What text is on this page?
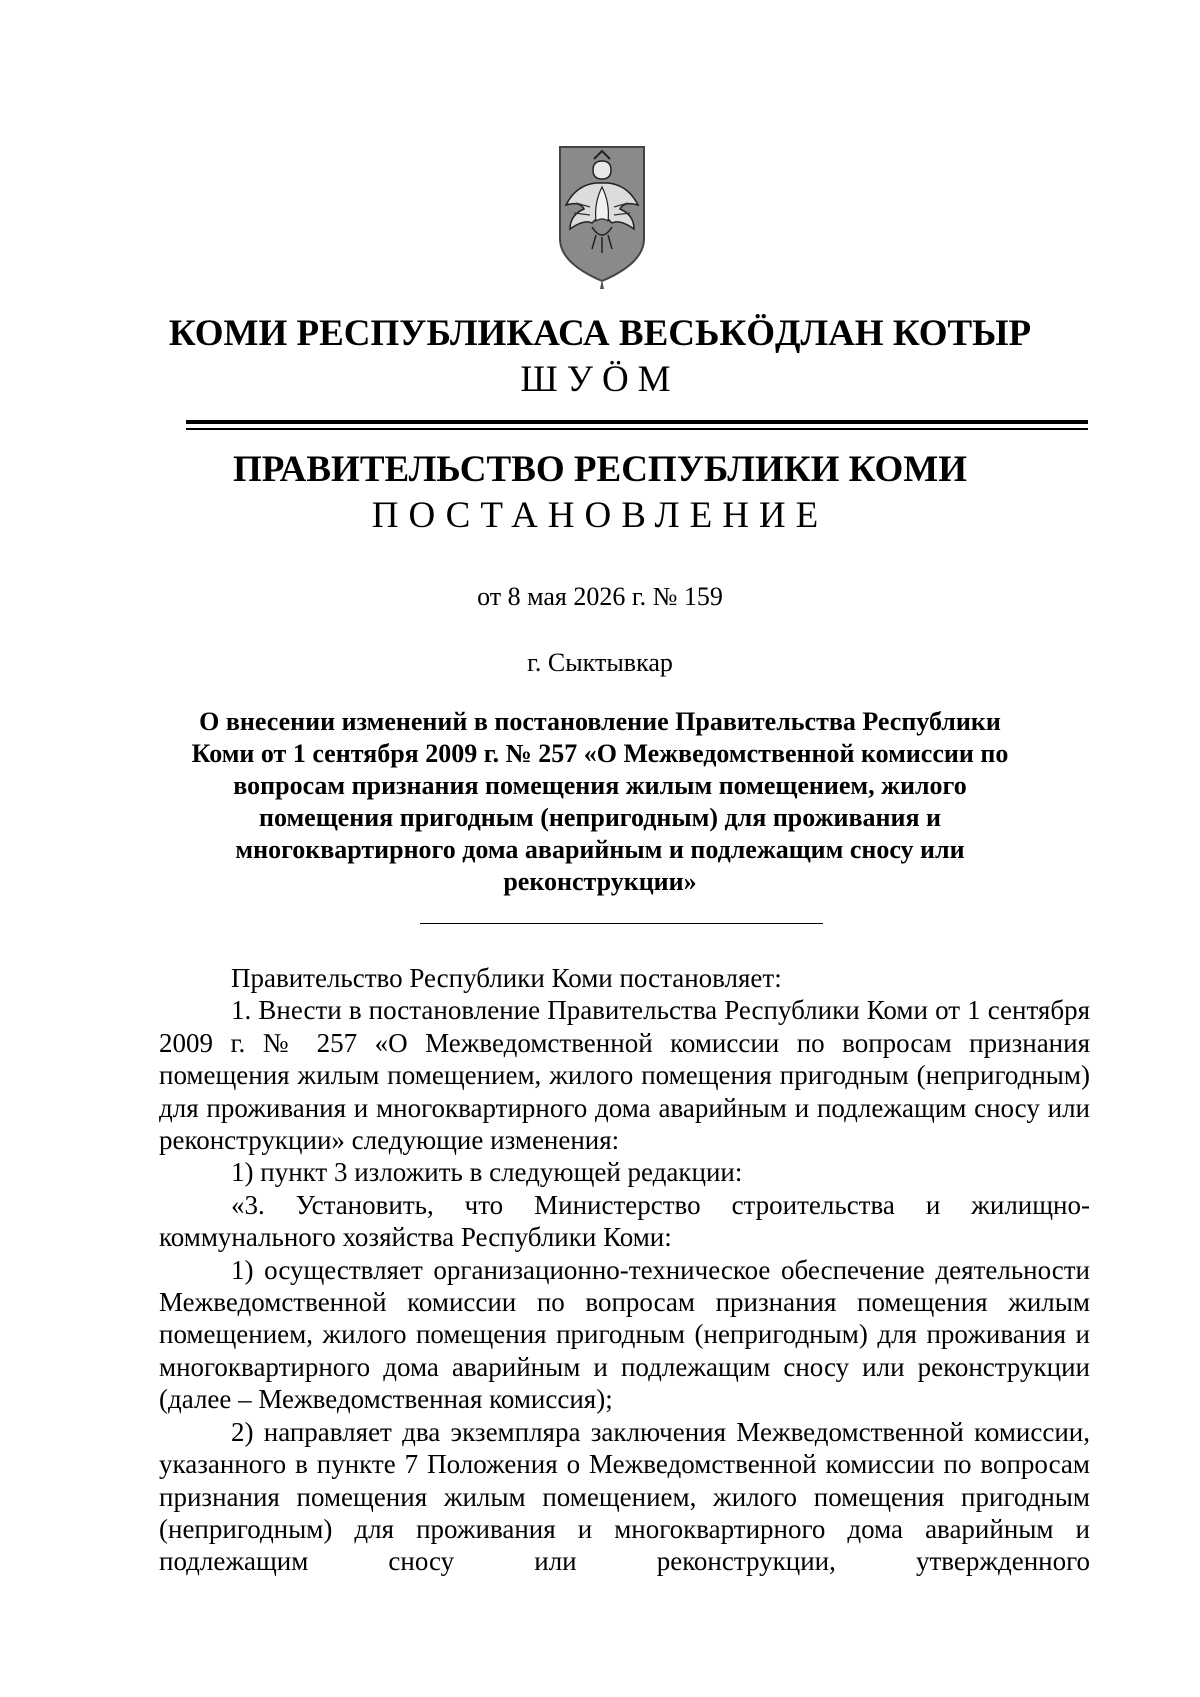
КОМИ РЕСПУБЛИКАСА ВЕСЬКӦДЛАН КОТЫР
ШУӦМ
ПРАВИТЕЛЬСТВО РЕСПУБЛИКИ КОМИ
ПОСТАНОВЛЕНИЕ
от 8 мая 2026 г. № 159
г. Сыктывкар
О внесении изменений в постановление Правительства Республики Коми от 1 сентября 2009 г. № 257 «О Межведомственной комиссии по вопросам признания помещения жилым помещением, жилого помещения пригодным (непригодным) для проживания и многоквартирного дома аварийным и подлежащим сносу или реконструкции»

Правительство Республики Коми постановляет:

1. Внести в постановление Правительства Республики Коми от 1 сентября 2009 г. № 257 «О Межведомственной комиссии по вопросам признания помещения жилым помещением, жилого помещения пригодным (непригодным) для проживания и многоквартирного дома аварийным и подлежащим сносу или реконструкции» следующие изменения:

1) пункт 3 изложить в следующей редакции:

«3. Установить, что Министерство строительства и жилищно-коммунального хозяйства Республики Коми:

1) осуществляет организационно-техническое обеспечение деятельности Межведомственной комиссии по вопросам признания помещения жилым помещением, жилого помещения пригодным (непригодным) для проживания и многоквартирного дома аварийным и подлежащим сносу или реконструкции (далее – Межведомственная комиссия);

2) направляет два экземпляра заключения Межведомственной комиссии, указанного в пункте 7 Положения о Межведомственной комиссии по вопросам признания помещения жилым помещением, жилого помещения пригодным (непригодным) для проживания и многоквартирного дома аварийным и подлежащим сносу или реконструкции, утвержденного
